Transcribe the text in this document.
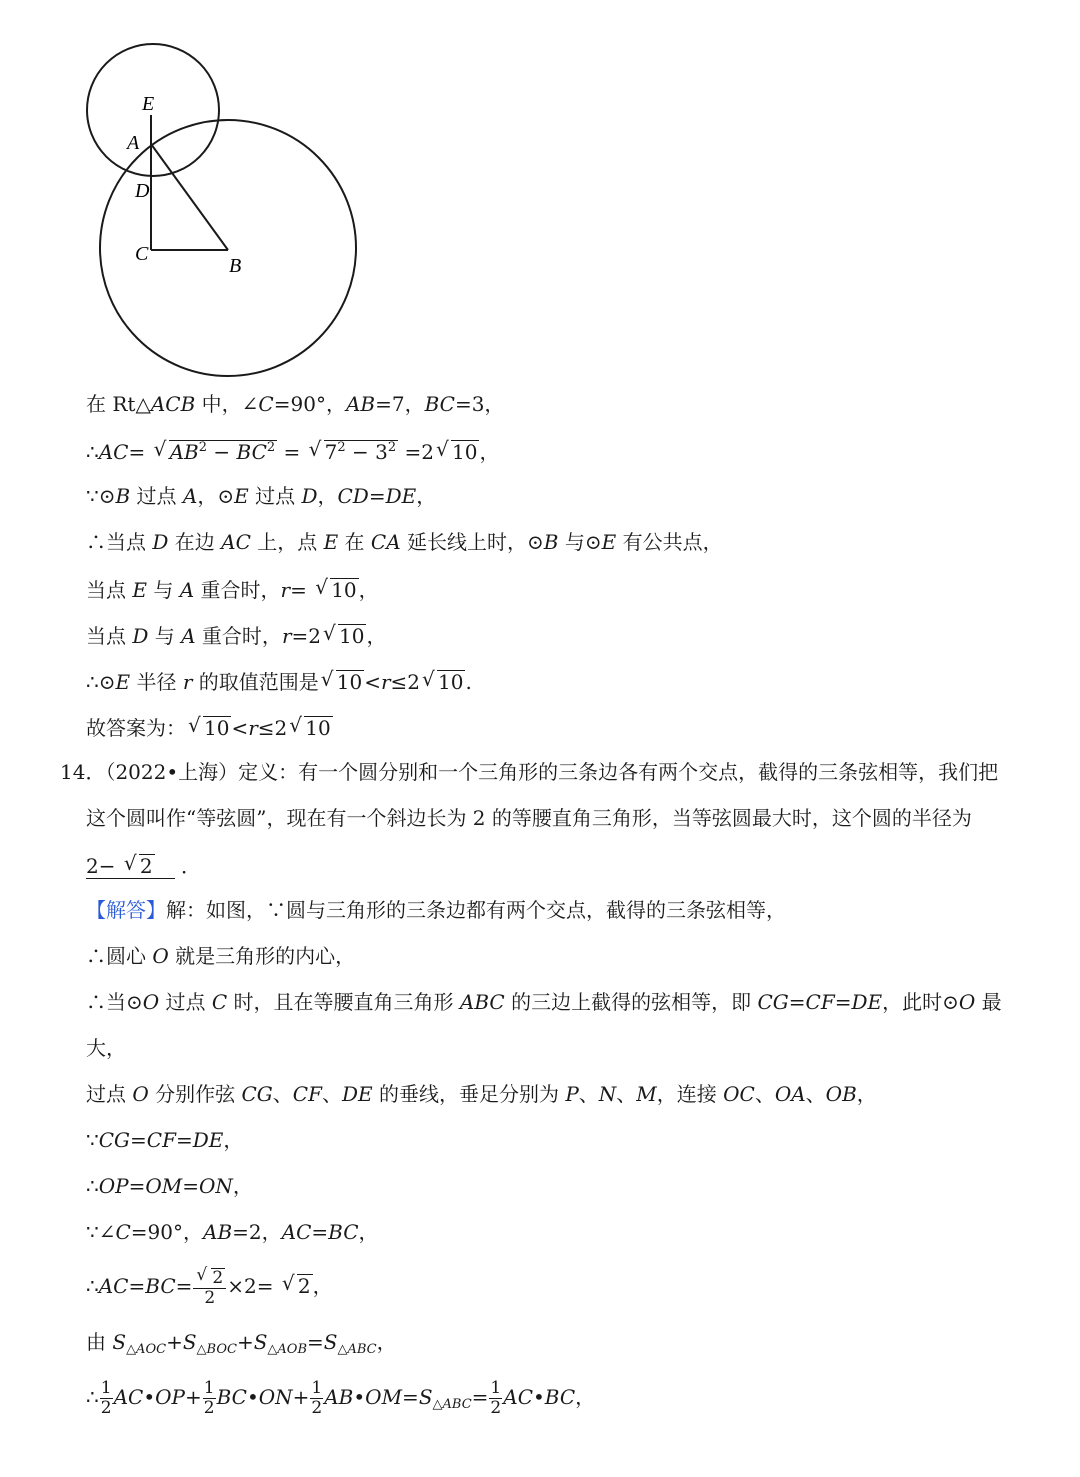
E
A
D
C
B
在 Rt△ACB 中，∠C=90°，AB=7，BC=3，
∴AC= √ $AB^2 - BC^2$ = √ $7^2 - 3^2 =2√$ 10 ，
∵⊙B 过点 A，⊙E 过点 D，CD=DE，
∴当点 D 在边 AC 上，点 E 在 CA 延长线上时，⊙B 与⊙E 有公共点，
当点 E 与 A 重合时，r= √ 10 ，
当点 D 与 A 重合时，r=2√ 10 ，
∴⊙E 半径 r 的取值范围是√ 10 <r≤2√ 10 .
故答案为：√ 10 <r≤2√ 10
14．（2022•上海）定义：有一个圆分别和一个三角形的三条边各有两个交点，截得的三条弦相等，我们把
这个圆叫作“等弦圆”，现在有一个斜边长为 2 的等腰直角三角形，当等弦圆最大时，这个圆的半径为
2− √ 2 ．
【解答】解：如图，∵圆与三角形的三条边都有两个交点，截得的三条弦相等，
∴圆心 O 就是三角形的内心，
∴当⊙O 过点 C 时，且在等腰直角三角形 ABC 的三边上截得的弦相等，即 CG=CF=DE，此时⊙O 最
大，
过点 O 分别作弦 CG、CF、DE 的垂线，垂足分别为 P、N、M，连接 OC、OA、OB，
∵CG=CF=DE，
∴OP=OM=ON，
∵∠C=90°，AB=2，AC=BC，
∴AC=BC=
√ $\frac{2}{2} \times 2=$ √ 2 ，
由 $S_{\triangle AOC}+S_{\triangle BOC}+S_{\triangle AOB}=S_{\triangle ABC}$，
∴ $\frac{1}{2}$ AC•OP+ $\frac{1}{2}$ BC•ON+ $\frac{1}{2}$ $AB•OM=S_{\triangle ABC}= \frac{1}{2}$ AC•BC，
